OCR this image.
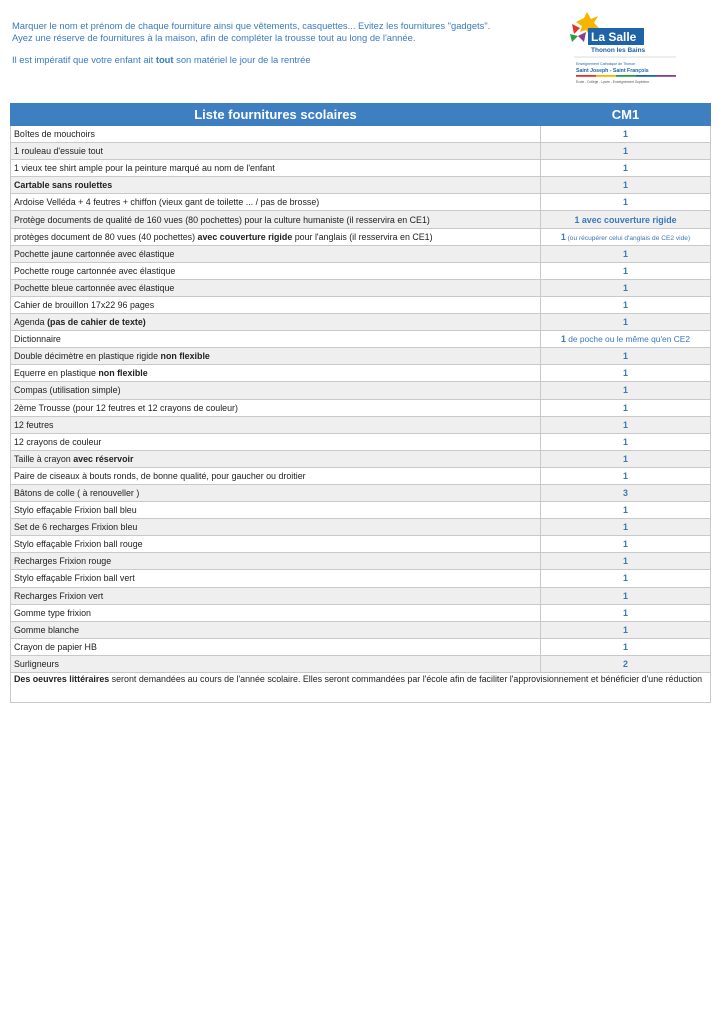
Marquer le nom et prénom de chaque fourniture ainsi que vêtements, casquettes... Evitez les fournitures "gadgets".

Ayez une réserve de fournitures à la maison, afin de compléter la trousse tout au long de l'année.

Il est impératif que votre enfant ait tout son matériel le jour de la rentrée

La Salle
Thonon les Bains
Enseignement Catholique de Thonon
Saint Joseph - Saint François
École - Collège - Lycée - Enseignement Supérieur
Liste fournitures scolaires	CM1
Boîtes de mouchoirs	1
1 rouleau d'essuie tout	1
1 vieux tee shirt ample pour la peinture marqué au nom de l'enfant	1
Cartable sans roulettes	1
Ardoise Velléda + 4 feutres + chiffon (vieux gant de toilette ... / pas de brosse)	1
Protège documents de qualité de 160 vues (80 pochettes) pour la culture humaniste (il resservira en CE1)	1 avec couverture rigide
protèges document de 80 vues (40 pochettes) avec couverture rigide pour l'anglais (il resservira en CE1)	1 (ou récupérer celui d'anglais de CE2 vide)
Pochette jaune cartonnée avec élastique	1
Pochette rouge cartonnée avec élastique	1
Pochette bleue cartonnée avec élastique	1
Cahier de brouillon 17x22 96 pages	1
Agenda (pas de cahier de texte)	1
Dictionnaire	1 de poche ou le même qu'en CE2
Double décimètre en plastique rigide non flexible	1
Equerre en plastique non flexible	1
Compas (utilisation simple)	1
2ème Trousse (pour 12 feutres et 12 crayons de couleur)	1
12 feutres	1
12 crayons de couleur	1
Taille à crayon avec réservoir	1
Paire de ciseaux à bouts ronds, de bonne qualité, pour gaucher ou droitier	1
Bâtons de colle ( à renouveller )	3
Stylo effaçable Frixion ball bleu	1
Set de 6 recharges Frixion bleu	1
Stylo effaçable Frixion ball rouge	1
Recharges Frixion rouge	1
Stylo effaçable Frixion ball vert	1
Recharges Frixion vert	1
Gomme type frixion	1
Gomme blanche	1
Crayon de papier HB	1
Surligneurs	2
Des oeuvres littéraires seront demandées au cours de l'année scolaire. Elles seront commandées par l'école afin de faciliter l'approvisionnement et bénéficier d'une réduction	
